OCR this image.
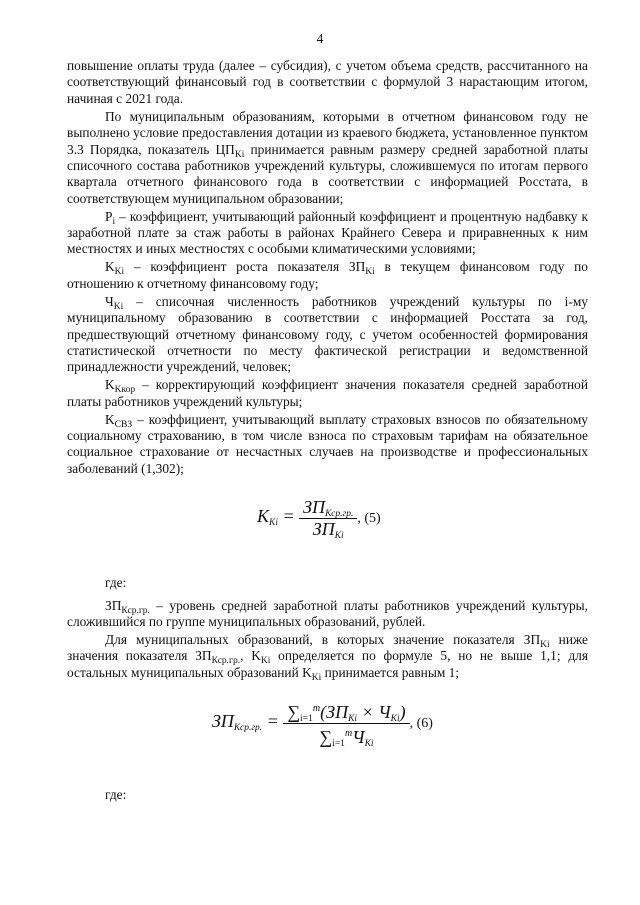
4

повышение оплаты труда (далее – субсидия), с учетом объема средств, рассчитанного на соответствующий финансовый год в соответствии с формулой 3 нарастающим итогом, начиная с 2021 года.

По муниципальным образованиям, которыми в отчетном финансовом году не выполнено условие предоставления дотации из краевого бюджета, установленное пунктом 3.3 Порядка, показатель $ЦП_{Ki}$ принимается равным размеру средней заработной платы списочного состава работников учреждений культуры, сложившемуся по итогам первого квартала отчетного финансового года в соответствии с информацией Росстата, в соответствующем муниципальном образовании;

$P_i$ – коэффициент, учитывающий районный коэффициент и процентную надбавку к заработной плате за стаж работы в районах Крайнего Севера и приравненных к ним местностях и иных местностях с особыми климатическими условиями;

$K_{Ki}$ – коэффициент роста показателя $ЗП_{Ki}$ в текущем финансовом году по отношению к отчетному финансовому году;

$Ч_{Ki}$ – списочная численность работников учреждений культуры по i-му муниципальному образованию в соответствии с информацией Росстата за год, предшествующий отчетному финансовому году, с учетом особенностей формирования статистической отчетности по месту фактической регистрации и ведомственной принадлежности учреждений, человек;

$K_{Kкор}$ – корректирующий коэффициент значения показателя средней заработной платы работников учреждений культуры;

$K_{СВЗ}$ – коэффициент, учитывающий выплату страховых взносов по обязательному социальному страхованию, в том числе взноса по страховым тарифам на обязательное социальное страхование от несчастных случаев на производстве и профессиональных заболеваний (1,302);

$K_{Ki} = \frac{ЗП_{Кср.гр.}}{ЗП_{Ki}}$ , (5)

где:

$ЗП_{Кср.гр.}$ – уровень средней заработной платы работников учреждений культуры, сложившийся по группе муниципальных образований, рублей.

Для муниципальных образований, в которых значение показателя $ЗП_{Ki}$ ниже значения показателя $ЗП_{Кср.гр.}$, $K_{Ki}$ определяется по формуле 5, но не выше 1,1; для остальных муниципальных образований $K_{Ki}$ принимается равным 1;

$ЗП_{Кср.гр.} = \frac{\sum_{i=1}^m(ЗП_{Ki} \times Ч_{Ki})}{\sum_{i=1}^mЧ_{Ki}}$ , (6)

где:
